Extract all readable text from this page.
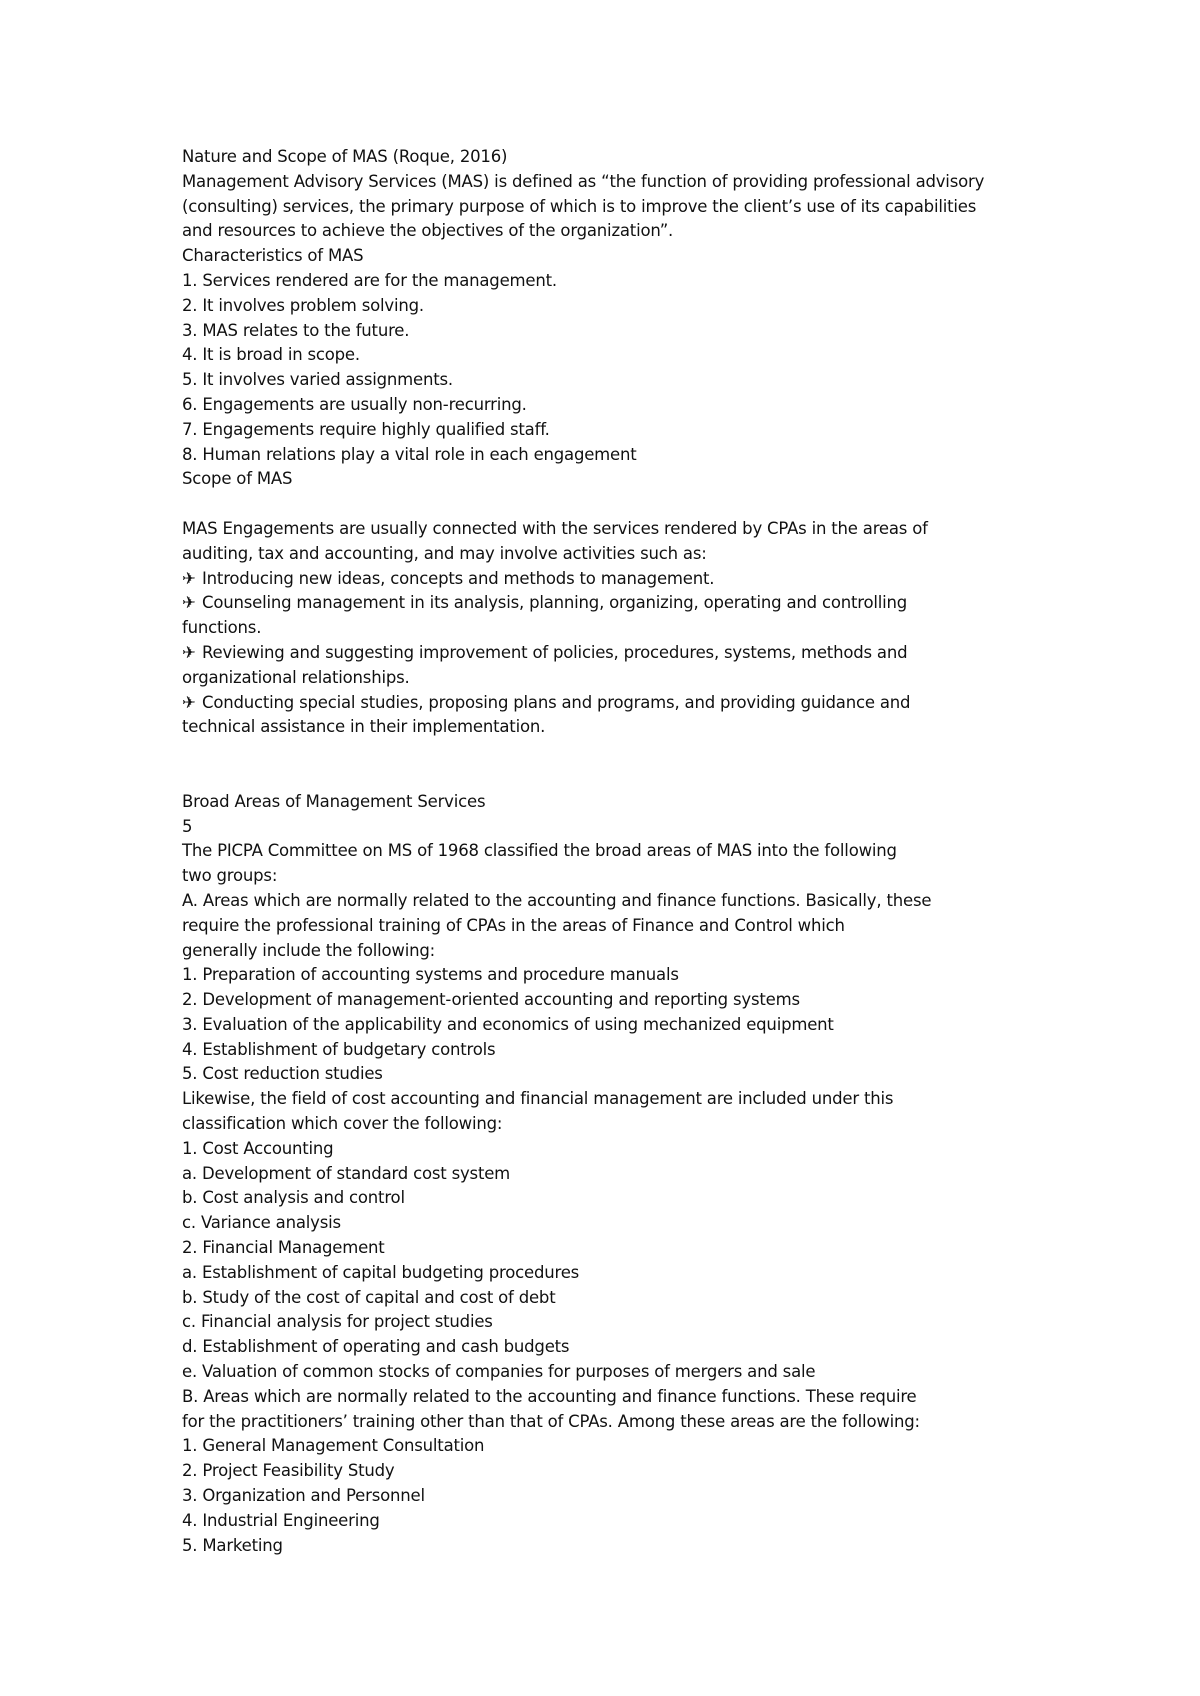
Nature and Scope of MAS (Roque, 2016)
Management Advisory Services (MAS) is defined as “the function of providing professional advisory
(consulting) services, the primary purpose of which is to improve the client’s use of its capabilities
and resources to achieve the objectives of the organization”.
Characteristics of MAS
1. Services rendered are for the management.
2. It involves problem solving.
3. MAS relates to the future.
4. It is broad in scope.
5. It involves varied assignments.
6. Engagements are usually non-recurring.
7. Engagements require highly qualified staff.
8. Human relations play a vital role in each engagement
Scope of MAS
MAS Engagements are usually connected with the services rendered by CPAs in the areas of
auditing, tax and accounting, and may involve activities such as:
✈ Introducing new ideas, concepts and methods to management.
✈ Counseling management in its analysis, planning, organizing, operating and controlling
functions.
✈ Reviewing and suggesting improvement of policies, procedures, systems, methods and
organizational relationships.
✈ Conducting special studies, proposing plans and programs, and providing guidance and
technical assistance in their implementation.
Broad Areas of Management Services
5
The PICPA Committee on MS of 1968 classified the broad areas of MAS into the following
two groups:
A. Areas which are normally related to the accounting and finance functions. Basically, these
require the professional training of CPAs in the areas of Finance and Control which
generally include the following:
1. Preparation of accounting systems and procedure manuals
2. Development of management-oriented accounting and reporting systems
3. Evaluation of the applicability and economics of using mechanized equipment
4. Establishment of budgetary controls
5. Cost reduction studies
Likewise, the field of cost accounting and financial management are included under this
classification which cover the following:
1. Cost Accounting
a. Development of standard cost system
b. Cost analysis and control
c. Variance analysis
2. Financial Management
a. Establishment of capital budgeting procedures
b. Study of the cost of capital and cost of debt
c. Financial analysis for project studies
d. Establishment of operating and cash budgets
e. Valuation of common stocks of companies for purposes of mergers and sale
B. Areas which are normally related to the accounting and finance functions. These require
for the practitioners’ training other than that of CPAs. Among these areas are the following:
1. General Management Consultation
2. Project Feasibility Study
3. Organization and Personnel
4. Industrial Engineering
5. Marketing
